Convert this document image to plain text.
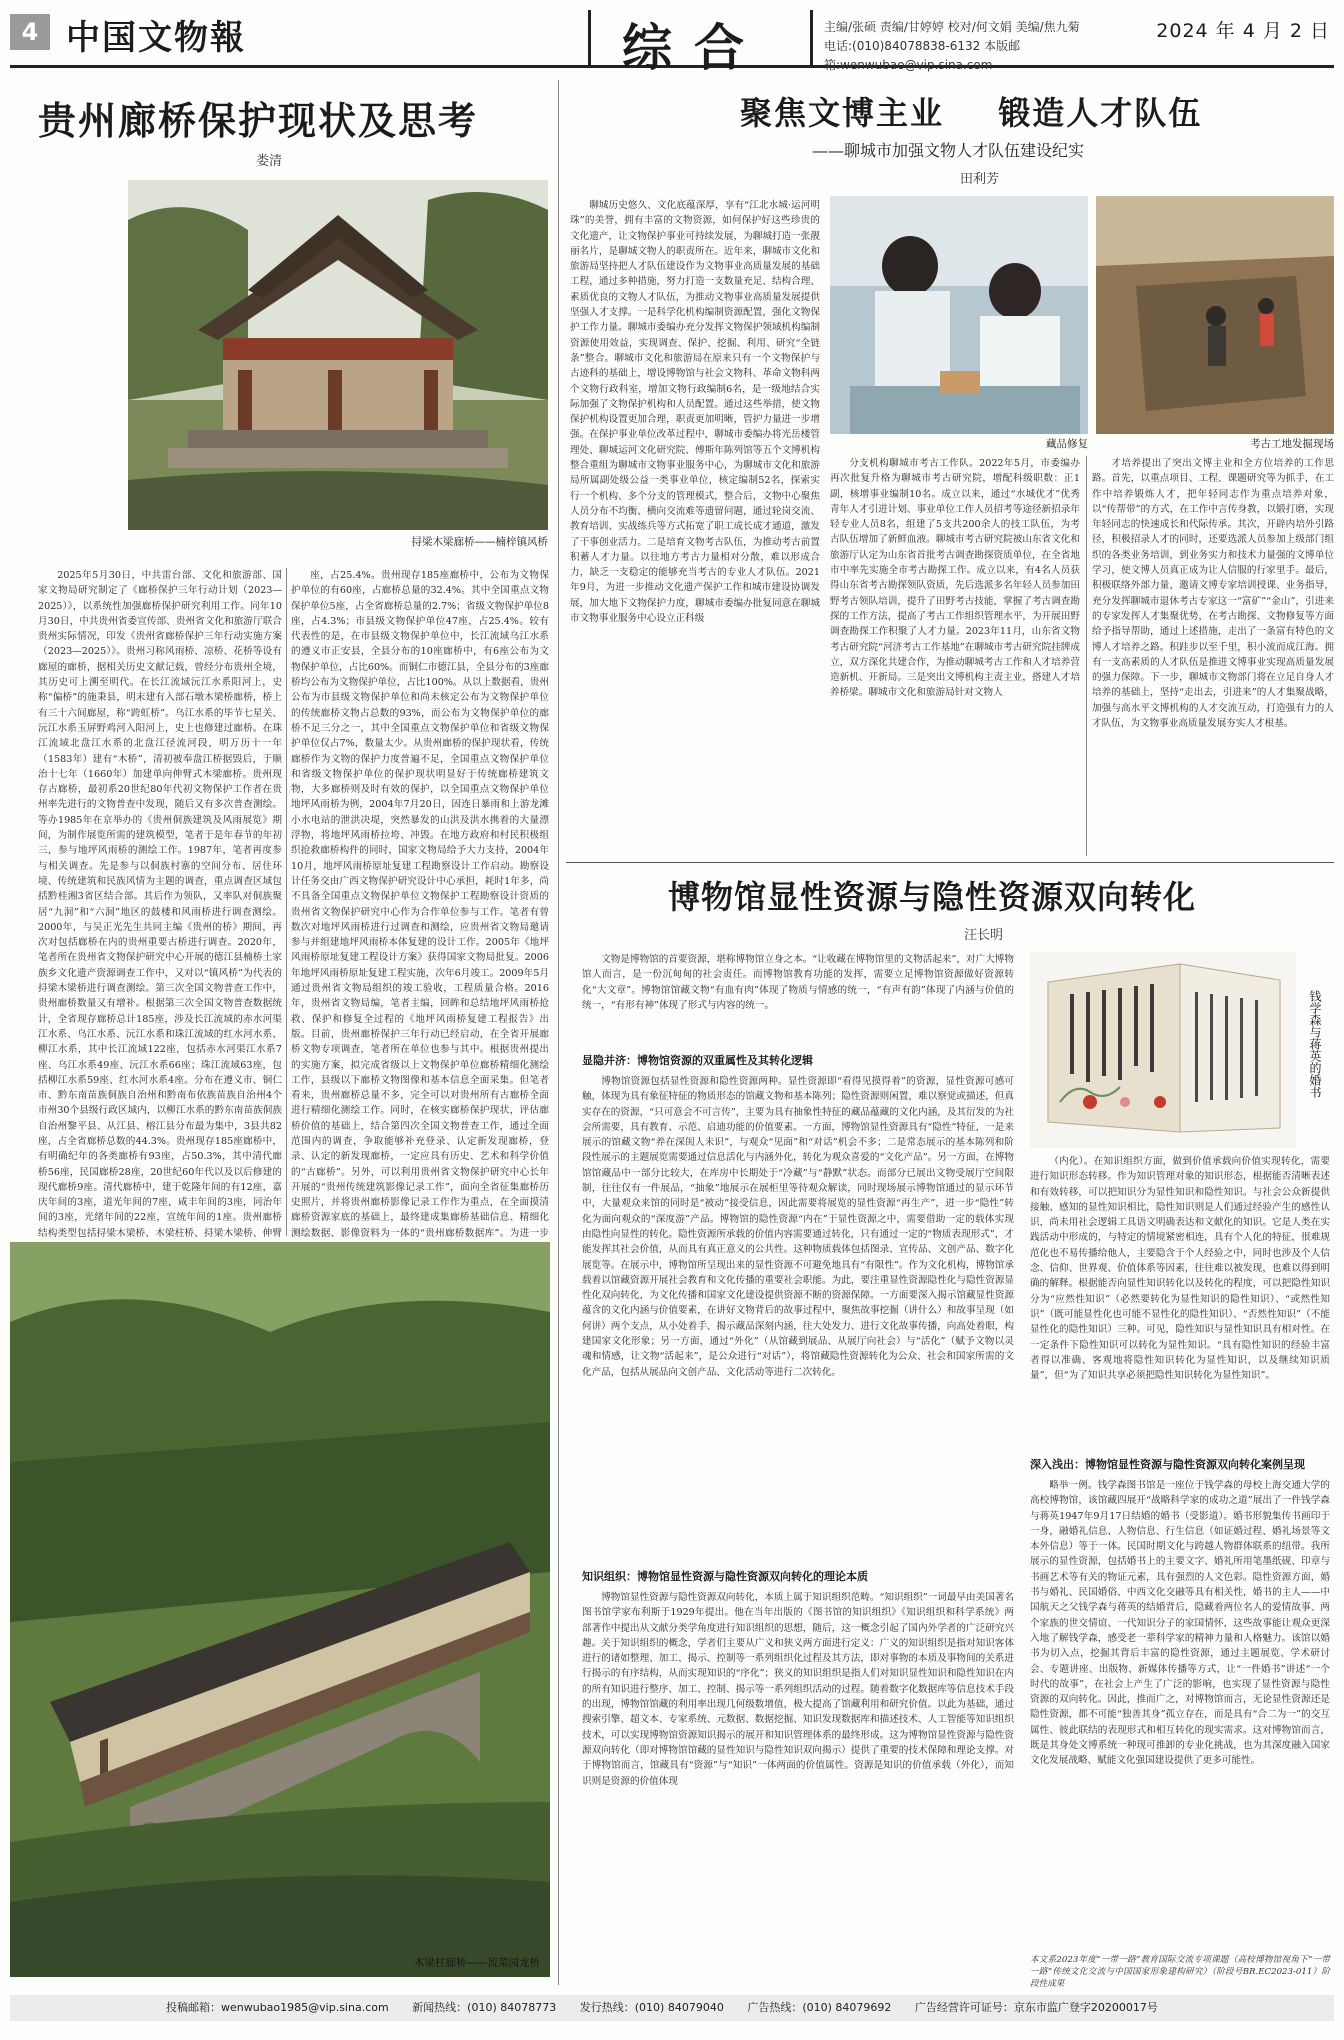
4 中国文物報	综合	主编/张硕 责编/甘婷婷 校对/何文娟 美编/焦九菊
电话:(010)84078838-6132 本版邮箱:wenwubao@vip.sina.com
2024 年 4 月 2 日
贵州廊桥保护现状及思考
娄清
挦梁木梁廊桥——楠梓镇风桥
2025年5月30日，中共雷台部、文化和旅游部、国家文物局研究制定了《廊桥保护三年行动计划（2023—2025）》，以系统性加强廊桥保护研究利用工作。同年10月30日，中共贵州省委宣传部、贵州省文化和旅游厅联合贵州实际情况，印发《贵州省廊桥保护三年行动实施方案（2023—2025）》。贵州习称风雨桥、凉桥、花桥等设有廊屋的廊桥，据相关历史文献记载，曾经分布贵州全境，其历史可上溯至明代。在长江流域沅江水系阳河上，史称“偏桥”的施秉县，明末建有入部石墩木梁桥廊桥，桥上有三十六间廊屋，称“跨虹桥”。乌江水系的毕节七星关、沅江水系玉屏野鸡河入阳河上，史上也修建过廊桥。在珠江流域北盘江水系的北盘江径流河段，明万历十一年（1583年）建有“木桥”，清初被奉盘江桥据毁后，于顺治十七年（1660年）加建单向伸臂式木梁廊桥。贵州现存古廊桥，最初系20世纪80年代初文物保护工作者在贵州率先进行的文物普查中发现，随后又有多次普查测绘。等办1985年在京举办的《贵州侗族建筑及风雨展览》期间，为制作展览所需的建筑模型，笔者于是年春节的年初三，参与地坪风雨桥的测绘工作。1987年，笔者再度参与相关调查。先是参与以侗族村寨的空间分布、居住环境、传统建筑和民族风情为主题的调查，重点调查区域包括黔桂湘3省区结合部。其后作为领队，又率队对侗族聚居“九洞”和“六洞”地区的鼓楼和风雨桥进行调查测绘。2000年，与吴正光先生共同主编《贵州的桥》期间，再次对包括廊桥在内的贵州重要古桥进行调查。2020年，笔者所在贵州省文物保护研究中心开展的德江县楠桥土家族乡文化遗产资源调查工作中，又对以“镇风桥”为代表的挦梁木梁桥进行调查测绘。第三次全国文物普查工作中，贵州廊桥数量又有增补。根据第三次全国文物普查数据统计，全省现存廊桥总计185座，涉及长江流域的赤水河渠江水系、乌江水系、沅江水系和珠江流域的红水河水系、柳江水系，其中长江流域122座，包括赤水河渠江水系7座、乌江水系49座、沅江水系66座；珠江流域63座，包括柳江水系59座、红水河水系4座。分布在遵义市、铜仁市、黔东南苗族侗族自治州和黔南布依族苗族自治州4个市州30个县级行政区域内，以柳江水系的黔东南苗族侗族自治州黎平县、从江县、榕江县分布最为集中，3县共82座，占全省廊桥总数的44.3%。贵州现存185座廊桥中，有明确纪年的各类廊桥有93座，占50.3%，其中清代廊桥56座，民国廊桥28座，20世纪60年代以及以后修建的现代廊桥9座。清代廊桥中，建于乾隆年间的有12座，嘉庆年间的3座，道光年间的7座，咸丰年间的3座，同治年间的3座，光绪年间的22座，宣统年间的1座。贵州廊桥结构类型包括挦梁木梁桥、木梁柱桥、挦梁木梁桥、伸臂
座，占25.4%。贵州现存185座廊桥中，公布为文物保护单位的有60座，占廊桥总量的32.4%。其中全国重点文物保护单位5座，占全省廊桥总量的2.7%；省级文物保护单位8座，占4.3%；市县级文物保护单位47座，占25.4%。较有代表性的是，在市县级文物保护单位中，长江流域乌江水系的遵义市正安县，全县分布的10座廊桥中，有6座公布为文物保护单位，占比60%。而铜仁市德江县，全县分布的3座廊桥均公布为文物保护单位，占比100%。从以上数据看，贵州公布为市县级文物保护单位和尚未核定公布为文物保护单位的传统廊桥文物占总数的93%，而公布为文物保护单位的廊桥不足三分之一，其中全国重点文物保护单位和省级文物保护单位仅占7%，数量太少。从贵州廊桥的保护现状看，传统廊桥作为文物的保护力度普遍不足，全国重点文物保护单位和省级文物保护单位的保护现状明显好于传统廊桥建筑文物，大多廊桥则及时有效的保护，以全国重点文物保护单位地坪风雨桥为例，2004年7月20日，因连日暴雨和上游龙滩小水电站的泄洪决堤，突然暴发的山洪及洪水携着的大量漂浮物，将地坪风雨桥拉垮、冲毁。在地方政府和村民积极组织抢救廊桥构件的同时，国家文物局给予大力支持，2004年10月，地坪风雨桥原址复建工程勘察设计工作启动。勘察设计任务交由广西文物保护研究设计中心承担，耗时1年多，尚不具备全国重点文物保护单位文物保护工程勘察设计资质的贵州省文物保护研究中心作为合作单位参与工作。笔者有曾数次对地坪风雨桥进行过调查和测绘，应贵州省文物局邀请参与并组建地坪风雨桥本体复建的设计工作。2005年《地坪风雨桥原址复建工程设计方案》获得国家文物局批复。2006年地坪风雨桥原址复建工程实施，次年6月竣工。2009年5月通过贵州省文物局组织的竣工验收，工程质量合格。2016年，贵州省文物局编，笔者主编，回眸和总结地坪风雨桥抢救、保护和修复全过程的《地坪风雨桥复建工程报告》出版。目前，贵州廊桥保护三年行动已经启动，在全省开展廊桥文物专项调查，笔者所在单位也参与其中。根据贵州提出的实施方案，拟完成省级以上文物保护单位廊桥精细化测绘工作，县级以下廊桥文物图像和基本信息全面采集。但笔者看来，贵州廊桥总量不多，完全可以对贵州所有古廊桥全面进行精细化测绘工作。同时，在核实廊桥保护现状，评估廊桥价值的基础上，结合第四次全国文物普查工作，通过全面范围内的调查，争取能够补充登录、认定新发现廊桥，登录、认定的新发现廊桥，一定应具有历史、艺术和科学价值的“古廊桥”。另外，可以利用贵州省文物保护研究中心长年开展的“贵州传统建筑影像记录工作”，面向全省征集廊桥历史照片，并将贵州廊桥影像记录工作作为重点，在全面摸清廊桥资源家底的基础上，最终建成集廊桥基础信息、精细化测绘数据、影像资料为一体的“贵州廊桥数据库”。为进一步
木梁柱廊桥——流菜园龙桥
聚焦文博主业 锻造人才队伍
——聊城市加强文物人才队伍建设纪实
田利芳
聊城历史悠久、文化底蕴深厚，享有“江北水城·运河明珠”的美誉，拥有丰富的文物资源，如何保护好这些珍贵的文化遗产，让文物保护事业可持续发展，为聊城打造一张靓丽名片，是聊城文物人的职责所在。近年来，聊城市文化和旅游局坚持把人才队伍建设作为文物事业高质量发展的基础工程，通过多种措施，努力打造一支数量充足、结构合理、素质优良的文物人才队伍，为推动文物事业高质量发展提供坚强人才支撑。一是科学化机构编制资源配置，强化文物保护工作力量。聊城市委编办充分发挥文物保护领域机构编制资源使用效益，实现调查、保护、挖掘、利用、研究“全链条”整合。聊城市文化和旅游局在原来只有一个文物保护与古迹科的基础上，增设博物馆与社会文物科、革命文物科两个文物行政科室，增加文物行政编制6名，是一级地结合实际加强了文物保护机构和人员配置。通过这些举措，使文物保护机构设置更加合理，职责更加明晰，管护力量进一步增强。在保护事业单位改革过程中，聊城市委编办将光岳楼管理处、聊城运河文化研究院、傅斯年陈列馆等五个文博机构整合重组为聊城市文物事业服务中心，为聊城市文化和旅游局所属副处级公益一类事业单位，核定编制52名，探索实行一个机构、多个分支的管理模式，整合后，文物中心聚焦人员分布不均衡、横向交流难等遗留问题，通过轮岗交流、教育培训、实战练兵等方式拓宽了职工成长成才通道，激发了干事创业活力。二是培育文物考古队伍，为推动考古前置积蓄人才力量。以往地方考古力量相对分散，难以形成合力，缺乏一支稳定的能够充当考古的专业人才队伍。2021年9月，为进一步推动文化遗产保护工作和城市建设协调发展，加大地下文物保护力度，聊城市委编办批复同意在聊城市文物事业服务中心设立正科级
藏品修复	考古工地发掘现场
分支机构聊城市考古工作队。2022年5月，市委编办再次批复升格为聊城市考古研究院，增配科级职数：正1副，核增事业编制10名。成立以来，通过“水城优才”优秀青年人才引进计划、事业单位工作人员招考等途径新招录年轻专业人员8名，组建了5支共200余人的技工队伍，为考古队伍增加了新鲜血液。聊城市考古研究院被山东省文化和旅游厅认定为山东省首批考古调查勘探资质单位，在全省地市中率先实施全市考古勘探工作。成立以来，有4名人员获得山东省考古勘探领队资质，先后选派多名年轻人员参加田野考古领队培训，提升了田野考古技能，掌握了考古调查勘探的工作方法，提高了考古工作组织管理水平，为开展田野调查勘探工作积聚了人才力量。2023年11月，山东省文物考古研究院“河济考古工作基地”在聊城市考古研究院挂牌成立，双方深化共建合作，为推动聊城考古工作和人才培养营造新机、开新局。三是突出文博机构主责主业，搭建人才培养桥梁。聊城市文化和旅游局针对文物人
才培养提出了突出文博主业和全方位培养的工作思路。首先，以重点项目、工程、课题研究等为抓手，在工作中培养锻炼人才，把年轻同志作为重点培养对象，以“传帮带”的方式，在工作中言传身教，以锻打磨，实现年轻同志的快速成长和代际传承。其次，开辟内培外引路径，积极招录人才的同时，还要选派人员参加上级部门组织的各类业务培训，到业务实力和技术力量强的文博单位学习，使文博人员真正成为让人信服的行家里手。最后，积极联络外部力量，邀请文博专家培训授课、业务指导，充分发挥聊城市退休考古专家这一“富矿”“金山”，引进来的专家发挥人才集聚优势，在考古勘探、文物修复等方面给予指导帮助，通过上述措施，走出了一条富有特色的文博人才培养之路。积跬步以至千里，积小流而成江海。拥有一支高素质的人才队伍是推进文博事业实现高质量发展的强力保障。下一步，聊城市文物部门将在立足自身人才培养的基础上，坚持“走出去，引进来”的人才集聚战略，加强与高水平文博机构的人才交流互动，打造强有力的人才队伍，为文物事业高质量发展夯实人才根基。
博物馆显性资源与隐性资源双向转化
汪长明
文物是博物馆的首要资源，堪称博物馆立身之本。“让收藏在博物馆里的文物活起来”，对广大博物馆人而言，是一份沉甸甸的社会责任。而博物馆教育功能的发挥，需要立足博物馆资源做好资源转化“大文章”。博物馆馆藏文物“有血有肉”体现了物质与情感的统一，“有声有韵”体现了内涵与价值的统一，“有形有神”体现了形式与内容的统一。
显隐并济：博物馆资源的双重属性及其转化逻辑
博物馆资源包括显性资源和隐性资源两种。显性资源即“看得见摸得着”的资源，显性资源可感可触，体现为具有象征特征的物质形态的馆藏文物和基本陈列；隐性资源则闲置，难以察觉或描述，但真实存在的资源，“只可意会不可言传”，主要为具有抽象性特征的藏品蕴藏的文化内涵，及其衍发的为社会所需要，具有教育、示范、启迪功能的价值要素。一方面，博物馆显性资源具有“隐性”特征，一是来展示的馆藏文物“养在深闺人未识”，与观众“见面”和“对话”机会不多；二是常态展示的基本陈列和阶段性展示的主题展览需要通过信息活化与内涵外化，转化为观众喜爱的“文化产品”。另一方面，在博物馆馆藏品中一部分比较大，在库房中长期处于“冷藏”与“静默”状态。而部分已展出文物受展厅空间限制，往往仅有一件展品，“抽象”地展示在展柜里等待观众解读，同时现场展示博物馆通过的显示环节中，大量观众来馆的同时是“被动”接受信息，因此需要将展览的显性资源“再生产”，进一步“隐性”转化为面向观众的“深度游”产品。博物馆的隐性资源“内在”于显性资源之中，需要借助一定的载体实现由隐性向显性的转化。隐性资源所承载的价值内容需要通过转化，只有通过一定的“物质表现形式”，才能发挥其社会价值，从而具有真正意义的公共性。这种物质载体包括图录、宣传品、文创产品、数字化展览等。在展示中，博物馆所呈现出来的显性资源不可避免地具有“有限性”。作为文化机构，博物馆承载着以馆藏资源开展社会教育和文化传播的重要社会职能。为此，要注重显性资源隐性化与隐性资源显性化双向转化，为文化传播和国家文化建设提供资源不断的资源保障。一方面要深入揭示馆藏显性资源蕴含的文化内涵与价值要素，在讲好文物背后的故事过程中，聚焦故事挖掘（讲什么）和故事呈现（如何讲）两个支点，从小处着手、揭示藏品深刻内涵，往大处发力、进行文化故事传播，向高处着眼，构建国家文化形象；另一方面，通过“外化”（从馆藏到展品、从展厅向社会）与“活化”（赋予文物以灵魂和情感，让文物“活起来”，是公众进行“对话”），将馆藏隐性资源转化为公众、社会和国家所需的文化产品，包括从展品向文创产品、文化活动等进行二次转化。
知识组织：博物馆显性资源与隐性资源双向转化的理论本质
博物馆显性资源与隐性资源双向转化，本质上属于知识组织范畴。“知识组织”一词最早由美国著名图书馆学家布利斯于1929年提出。他在当年出版的《图书馆的知识组织》《知识组织和科学系统》两部著作中提出从文献分类学角度进行知识组织的思想，随后，这一概念引起了国内外学者的广泛研究兴趣。关于知识组织的概念，学者们主要从广义和狭义两方面进行定义：广义的知识组织是指对知识客体进行的诸如整理、加工、揭示、控制等一系列组织化过程及其方法，即对事物的本质及事物间的关系进行揭示的有序结构，从而实现知识的“序化”；狭义的知识组织是指人们对知识显性知识和隐性知识在内的所有知识进行整序、加工、控制、揭示等一系列组织活动的过程。随着数字化数据库等信息技术手段的出现，博物馆馆藏的利用率出现几何级数增值，极大提高了馆藏利用和研究价值。以此为基础，通过搜索引擎、超文本、专家系统、元数据、数据挖掘、知识发现数据库和描述技术、人工智能等知识组织技术，可以实现博物馆资源知识揭示的展开和知识管理体系的最终形成。这为博物馆显性资源与隐性资源双向转化（即对博物馆馆藏的显性知识与隐性知识双向揭示）提供了重要的技术保障和理论支撑。对于博物馆而言，馆藏具有“资源”与“知识”一体两面的价值属性。资源是知识的价值承载（外化），而知识则是资源的价值体现
钱学森与蒋英的婚书
（内化）。在知识组织方面，做到价值承载向价值实现转化，需要进行知识形态转移。作为知识管理对象的知识形态，根据能否清晰表述和有效转移，可以把知识分为显性知识和隐性知识。与社会公众新提供接触、感知的显性知识相比，隐性知识则是人们通过经验产生的感性认识，尚未用社会逻辑工具语文明确表达和文献化的知识。它是人类在实践活动中形成的，与特定的情境紧密相连，具有个人化的特征，很难规范化也不易传播给他人，主要隐含于个人经验之中，同时也涉及个人信念、信仰、世界观、价值体系等因素，往往难以被发现，也难以得到明确的解释。根据能否向显性知识转化以及转化的程度，可以把隐性知识分为“应然性知识”（必然要转化为显性知识的隐性知识）、“或然性知识”（既可能显性化也可能不显性化的隐性知识）、“否然性知识”（不能显性化的隐性知识）三种。可见，隐性知识与显性知识具有相对性。在一定条件下隐性知识可以转化为显性知识。“具有隐性知识的经验丰富者得以准确、客观地将隐性知识转化为显性知识，以及继续知识质量”，但“为了知识共享必须把隐性知识转化为显性知识”。
深入浅出：博物馆显性资源与隐性资源双向转化案例呈现
略举一例。钱学森图书馆是一座位于钱学森的母校上海交通大学的高校博物馆，该馆藏四展开“战略科学家的成功之道”展出了一件钱学森与蒋英1947年9月17日结婚的婚书（受影道）。婚书形貌集传书画印于一身，融婚礼信息、人物信息、行生信息（如证婚过程、婚礼场景等文本外信息）等于一体。民国时期文化与跨越人物群体联系的纽带。我所展示的显性资源，包括婚书上的主要文字、婚礼所用笔墨纸砚、印章与书画艺术等有关的物证元素，具有强烈的人文色彩。隐性资源方面，婚书与婚礼、民国婚俗、中西文化交融等具有相关性，婚书的主人——中国航天之父钱学森与蒋英的结婚背后，隐藏着两位名人的爱情故事、两个家族的世交情谊、一代知识分子的家国情怀，这些故事能让观众更深入地了解钱学森，感受老一辈科学家的精神力量和人格魅力。该馆以婚书为切入点，挖掘其背后丰富的隐性资源，通过主题展览、学术研讨会、专题讲座、出版物、新媒体传播等方式，让“一件婚书”讲述“一个时代的故事”，在社会上产生了广泛的影响，也实现了显性资源与隐性资源的双向转化。因此，推而广之，对博物馆而言，无论显性资源还是隐性资源，都不可能“独善其身”孤立存在，而是具有“合二为一”的交互属性、彼此联结的表现形式和相互转化的现实需求。这对博物馆而言，既是其身处文博系统一种现可推卸的专业化挑战，也为其深度融入国家文化发展战略、赋能文化强国建设提供了更多可能性。
本文系2023年度“一带一路”教育国际交流专项课题（高校博物馆视角下“一带一路”传统文化交流与中国国家形象建构研究）（阶段号BR.EC2023-011）阶段性成果
投稿邮箱：wenwubao1985@vip.sina.com 新闻热线：(010) 84078773 发行热线：(010) 84079040 广告热线：(010) 84079692 广告经营许可证号：京东市监广登字20200017号
